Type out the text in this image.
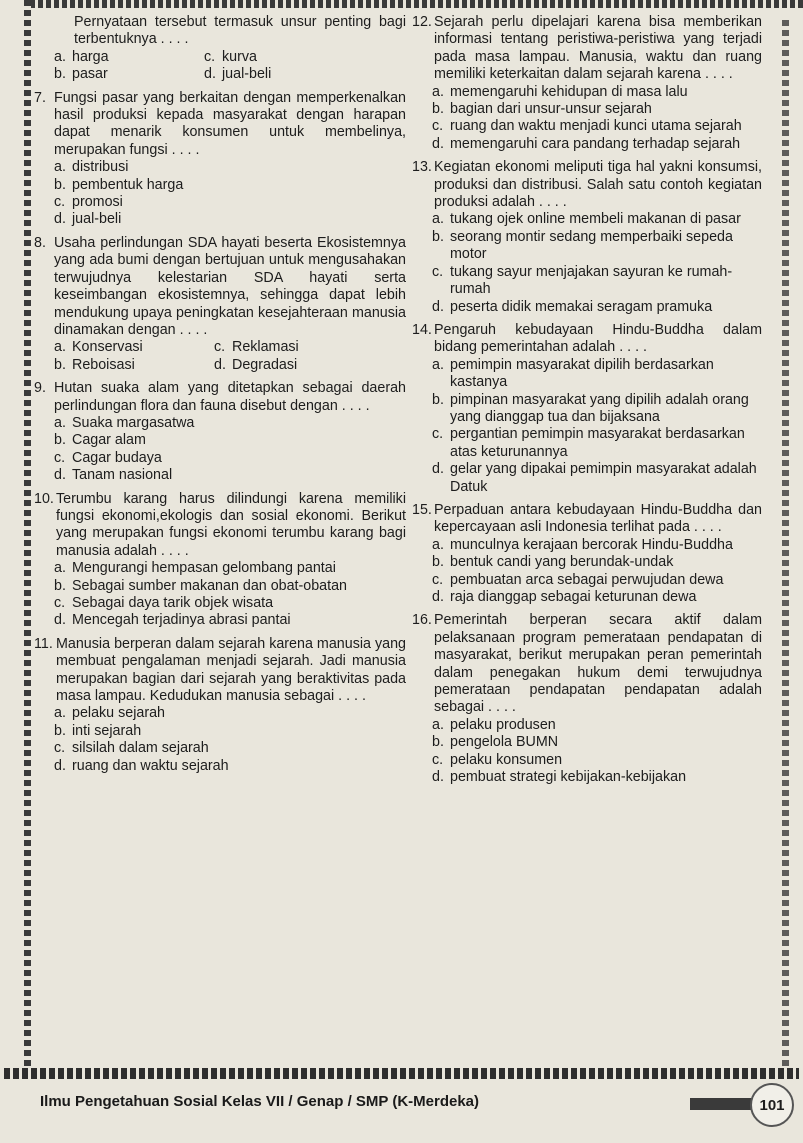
Pernyataan tersebut termasuk unsur penting bagi terbentuknya . . . .
a. harga	c. kurva
b. pasar	d. jual-beli
7. Fungsi pasar yang berkaitan dengan memperkenalkan hasil produksi kepada masyarakat dengan harapan dapat menarik konsumen untuk membelinya, merupakan fungsi . . . .
a. distribusi
b. pembentuk harga
c. promosi
d. jual-beli
8. Usaha perlindungan SDA hayati beserta Ekosistemnya yang ada bumi dengan bertujuan untuk mengusahakan terwujudnya kelestarian SDA hayati serta keseimbangan ekosistemnya, sehingga dapat lebih mendukung upaya peningkatan kesejahteraan manusia dinamakan dengan . . . .
a. Konservasi	c. Reklamasi
b. Reboisasi	d. Degradasi
9. Hutan suaka alam yang ditetapkan sebagai daerah perlindungan flora dan fauna disebut dengan . . . .
a. Suaka margasatwa
b. Cagar alam
c. Cagar budaya
d. Tanam nasional
10. Terumbu karang harus dilindungi karena memiliki fungsi ekonomi,ekologis dan sosial ekonomi. Berikut yang merupakan fungsi ekonomi terumbu karang bagi manusia adalah . . . .
a. Mengurangi hempasan gelombang pantai
b. Sebagai sumber makanan dan obat-obatan
c. Sebagai daya tarik objek wisata
d. Mencegah terjadinya abrasi pantai
11. Manusia berperan dalam sejarah karena manusia yang membuat pengalaman menjadi sejarah. Jadi manusia merupakan bagian dari sejarah yang beraktivitas pada masa lampau. Kedudukan manusia sebagai . . . .
a. pelaku sejarah
b. inti sejarah
c. silsilah dalam sejarah
d. ruang dan waktu sejarah
12. Sejarah perlu dipelajari karena bisa memberikan informasi tentang peristiwa-peristiwa yang terjadi pada masa lampau. Manusia, waktu dan ruang memiliki keterkaitan dalam sejarah karena . . . .
a. memengaruhi kehidupan di masa lalu
b. bagian dari unsur-unsur sejarah
c. ruang dan waktu menjadi kunci utama sejarah
d. memengaruhi cara pandang terhadap sejarah
13. Kegiatan ekonomi meliputi tiga hal yakni konsumsi, produksi dan distribusi. Salah satu contoh kegiatan produksi adalah . . . .
a. tukang ojek online membeli makanan di pasar
b. seorang montir sedang memperbaiki sepeda motor
c. tukang sayur menjajakan sayuran ke rumah-rumah
d. peserta didik memakai seragam pramuka
14. Pengaruh kebudayaan Hindu-Buddha dalam bidang pemerintahan adalah . . . .
a. pemimpin masyarakat dipilih berdasarkan kastanya
b. pimpinan masyarakat yang dipilih adalah orang yang dianggap tua dan bijaksana
c. pergantian pemimpin masyarakat berdasarkan atas keturunannya
d. gelar yang dipakai pemimpin masyarakat adalah Datuk
15. Perpaduan antara kebudayaan Hindu-Buddha dan kepercayaan asli Indonesia terlihat pada . . . .
a. munculnya kerajaan bercorak Hindu-Buddha
b. bentuk candi yang berundak-undak
c. pembuatan arca sebagai perwujudan dewa
d. raja dianggap sebagai keturunan dewa
16. Pemerintah berperan secara aktif dalam pelaksanaan program pemerataan pendapatan di masyarakat, berikut merupakan peran pemerintah dalam penegakan hukum demi terwujudnya pemerataan pendapatan pendapatan adalah sebagai . . . .
a. pelaku produsen
b. pengelola BUMN
c. pelaku konsumen
d. pembuat strategi kebijakan-kebijakan
Ilmu Pengetahuan Sosial Kelas VII / Genap / SMP (K-Merdeka)	101
